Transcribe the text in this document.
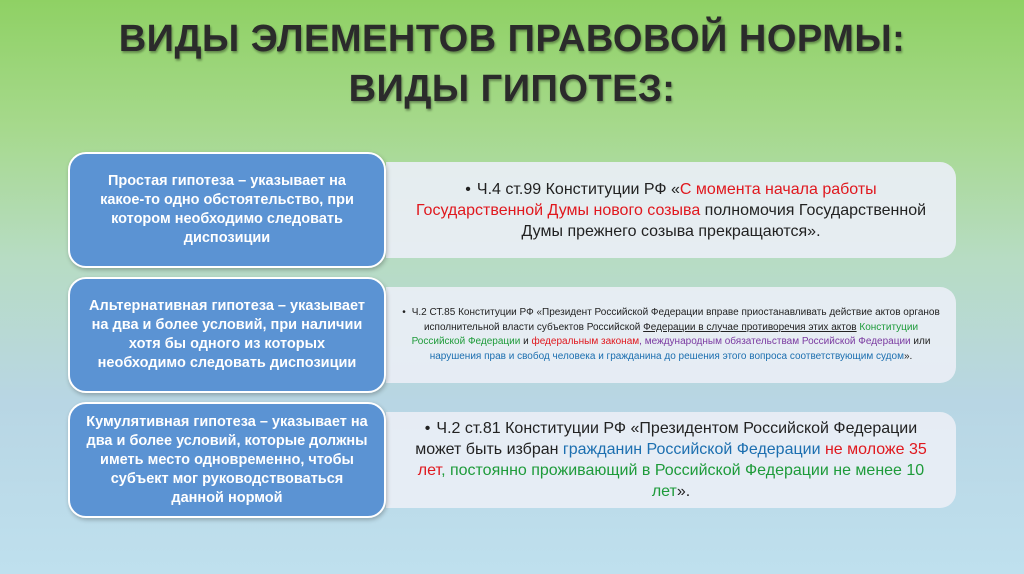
ВИДЫ ЭЛЕМЕНТОВ ПРАВОВОЙ НОРМЫ: ВИДЫ ГИПОТЕЗ:
Простая гипотеза – указывает на какое-то одно обстоятельство, при котором необходимо следовать диспозиции
• Ч.4 ст.99 Конституции РФ «С момента начала работы Государственной Думы нового созыва полномочия Государственной Думы прежнего созыва прекращаются».
Альтернативная гипотеза – указывает на два и более условий, при наличии хотя бы одного из которых необходимо следовать диспозиции
• Ч.2 СТ.85 Конституции РФ «Президент Российской Федерации вправе приостанавливать действие актов органов исполнительной власти субъектов Российской Федерации в случае противоречия этих актов Конституции Российской Федерации и федеральным законам, международным обязательствам Российской Федерации или нарушения прав и свобод человека и гражданина до решения этого вопроса соответствующим судом».
Кумулятивная гипотеза – указывает на два и более условий, которые должны иметь место одновременно, чтобы субъект мог руководствоваться данной нормой
• Ч.2 ст.81 Конституции РФ «Президентом Российской Федерации может быть избран гражданин Российской Федерации не моложе 35 лет, постоянно проживающий в Российской Федерации не менее 10 лет».
